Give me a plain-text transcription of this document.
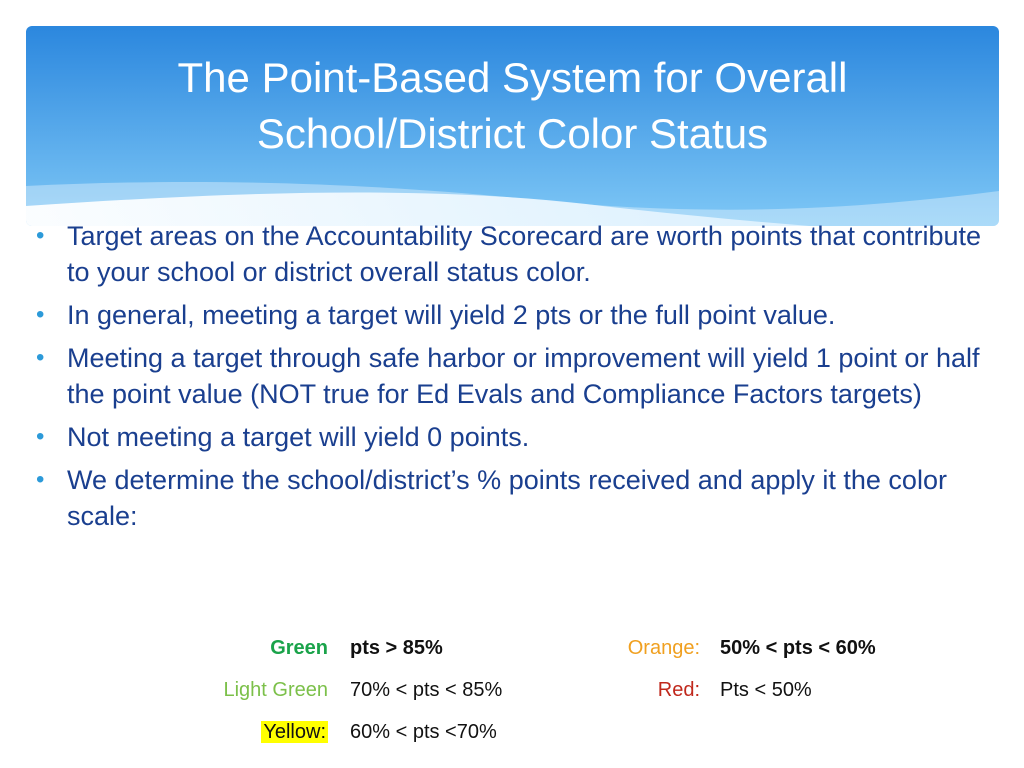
The Point-Based System for Overall
School/District Color Status
• Target areas on the Accountability Scorecard are worth points that contribute to your school or district overall status color.
• In general, meeting a target will yield 2 pts or the full point value.
• Meeting a target through safe harbor or improvement will yield 1 point or half the point value (NOT true for Ed Evals and Compliance Factors targets)
• Not meeting a target will yield 0 points.
• We determine the school/district’s % points received and apply it the color scale:
Green pts > 85%	Orange: 50% < pts < 60%
Light Green 70% < pts < 85%	Red: Pts < 50%
Yellow: 60% < pts <70%
